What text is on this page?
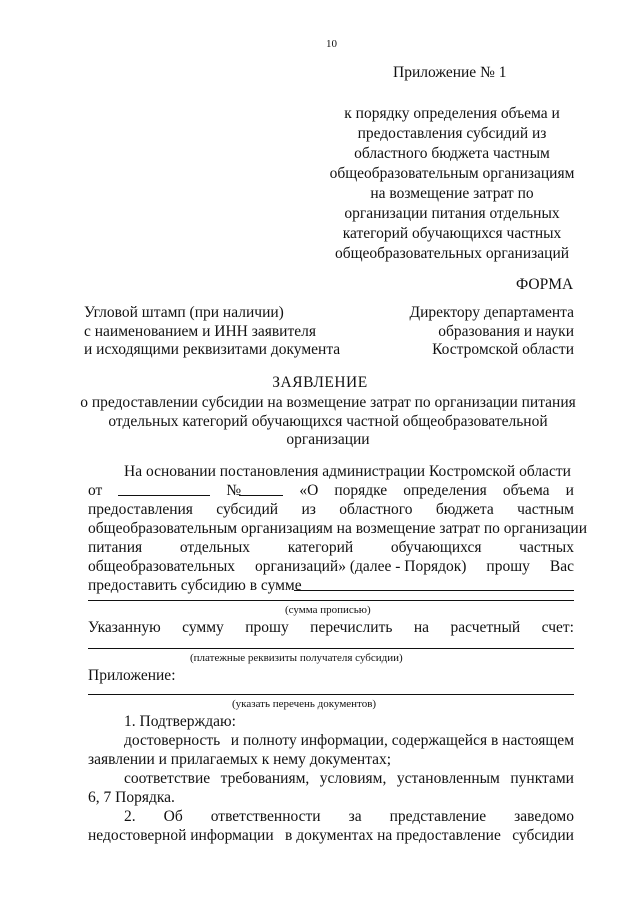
10
Приложение № 1
к порядку определения объема и
предоставления субсидий из
областного бюджета частным
общеобразовательным организациям
на возмещение затрат по
организации питания отдельных
категорий обучающихся частных
общеобразовательных организаций
ФОРМА
Угловой штамп (при наличии)
с наименованием и ИНН заявителя
и исходящими реквизитами документа
Директору департамента
образования и науки
Костромской области
ЗАЯВЛЕНИЕ
о предоставлении субсидии на возмещение затрат по организации питания
отдельных категорий обучающихся частной общеобразовательной
организации
На основании постановления администрации Костромской области
от	№	«О порядке определения объема и
предоставления субсидий из областного бюджета частным
общеобразовательным организациям на возмещение затрат по организации
питания отдельных категорий обучающихся частных
общеобразовательных организаций» (далее - Порядок) прошу Вас
предоставить субсидию в сумме
(сумма прописью)
Указанную сумму прошу перечислить на расчетный счет:
(платежные реквизиты получателя субсидии)
Приложение:
(указать перечень документов)
1. Подтверждаю:
достоверность и полноту информации, содержащейся в настоящем
заявлении и прилагаемых к нему документах;
соответствие требованиям, условиям, установленным пунктами
6, 7 Порядка.
2. Об ответственности за представление заведомо
недостоверной информации в документах на предоставление субсидии
